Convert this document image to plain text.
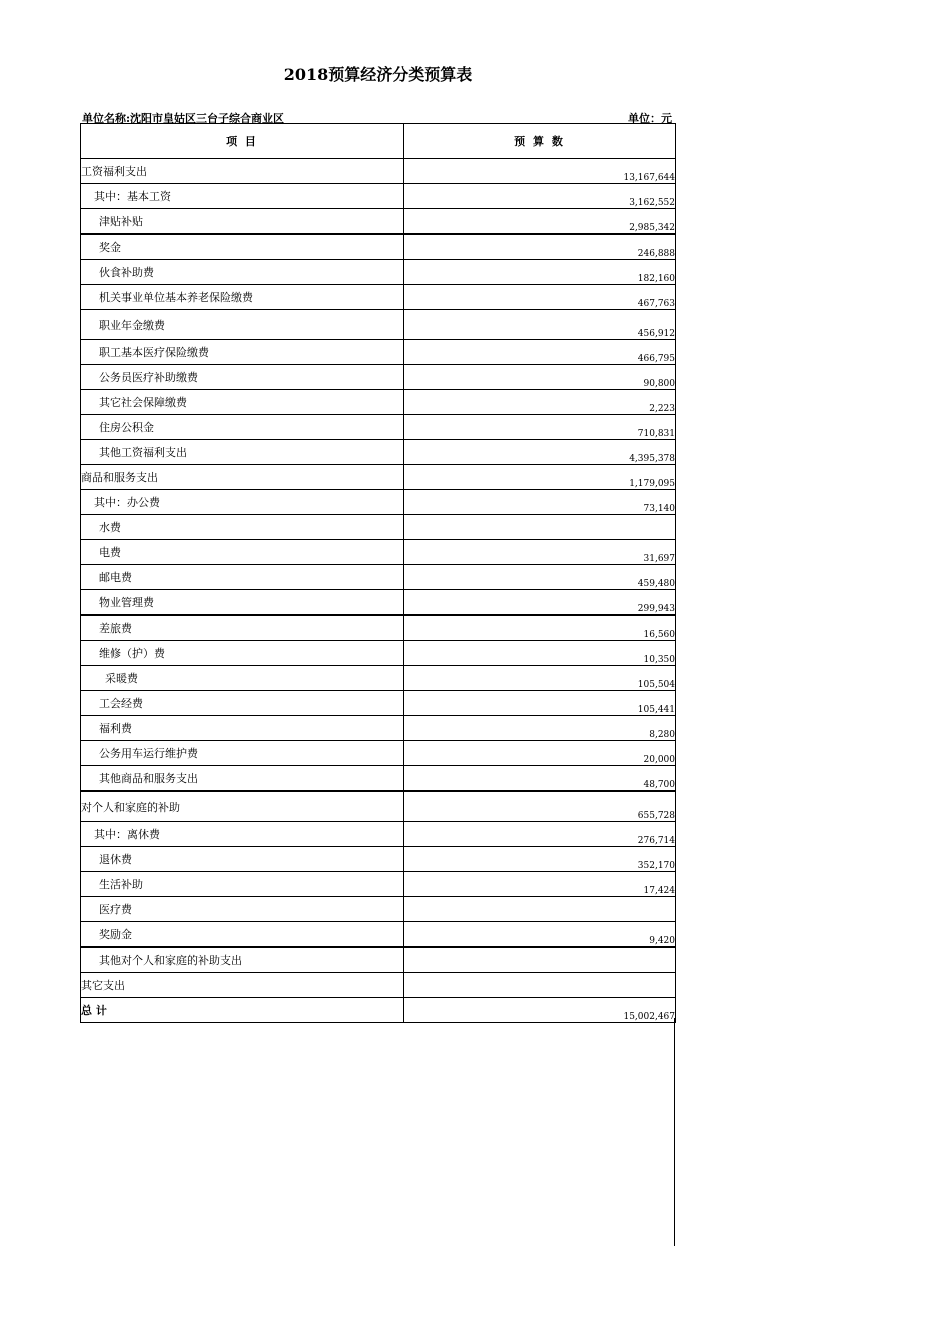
2018预算经济分类预算表
单位名称:沈阳市皇姑区三台子综合商业区	单位：元
项 目	预 算 数
工资福利支出	13,167,644
其中：基本工资	3,162,552
津贴补贴	2,985,342
奖金	246,888
伙食补助费	182,160
机关事业单位基本养老保险缴费	467,763
职业年金缴费	456,912
职工基本医疗保险缴费	466,795
公务员医疗补助缴费	90,800
其它社会保障缴费	2,223
住房公积金	710,831
其他工资福利支出	4,395,378
商品和服务支出	1,179,095
其中：办公费	73,140
水费	
电费	31,697
邮电费	459,480
物业管理费	299,943
差旅费	16,560
维修（护）费	10,350
采暖费	105,504
工会经费	105,441
福利费	8,280
公务用车运行维护费	20,000
其他商品和服务支出	48,700
对个人和家庭的补助	655,728
其中：离休费	276,714
退休费	352,170
生活补助	17,424
医疗费	
奖励金	9,420
其他对个人和家庭的补助支出	
其它支出	
总 计	15,002,467
